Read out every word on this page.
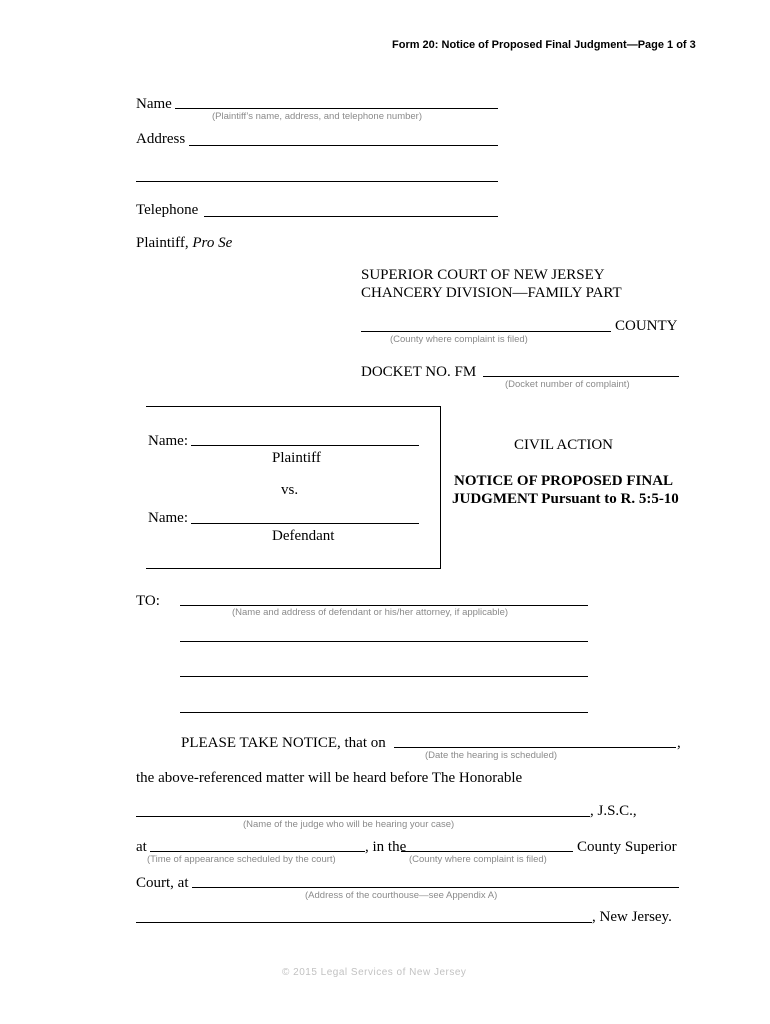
Form 20: Notice of Proposed Final Judgment—Page 1 of 3
Name
(Plaintiff’s name, address, and telephone number)
Address
Telephone
Plaintiff, Pro Se
SUPERIOR COURT OF NEW JERSEY
CHANCERY DIVISION—FAMILY PART
COUNTY
(County where complaint is filed)
DOCKET NO. FM
(Docket number of complaint)
Name:
Plaintiff
vs.
Name:
Defendant
CIVIL ACTION
NOTICE OF PROPOSED FINAL
JUDGMENT Pursuant to R. 5:5-10
TO:
(Name and address of defendant or his/her attorney, if applicable)
PLEASE TAKE NOTICE, that on	,
(Date the hearing is scheduled)
the above-referenced matter will be heard before The Honorable
, J.S.C.,
(Name of the judge who will be hearing your case)
at	, in the	County Superior
(Time of appearance scheduled by the court)	(County where complaint is filed)
Court, at
(Address of the courthouse—see Appendix A)
, New Jersey.
© 2015 Legal Services of New Jersey
